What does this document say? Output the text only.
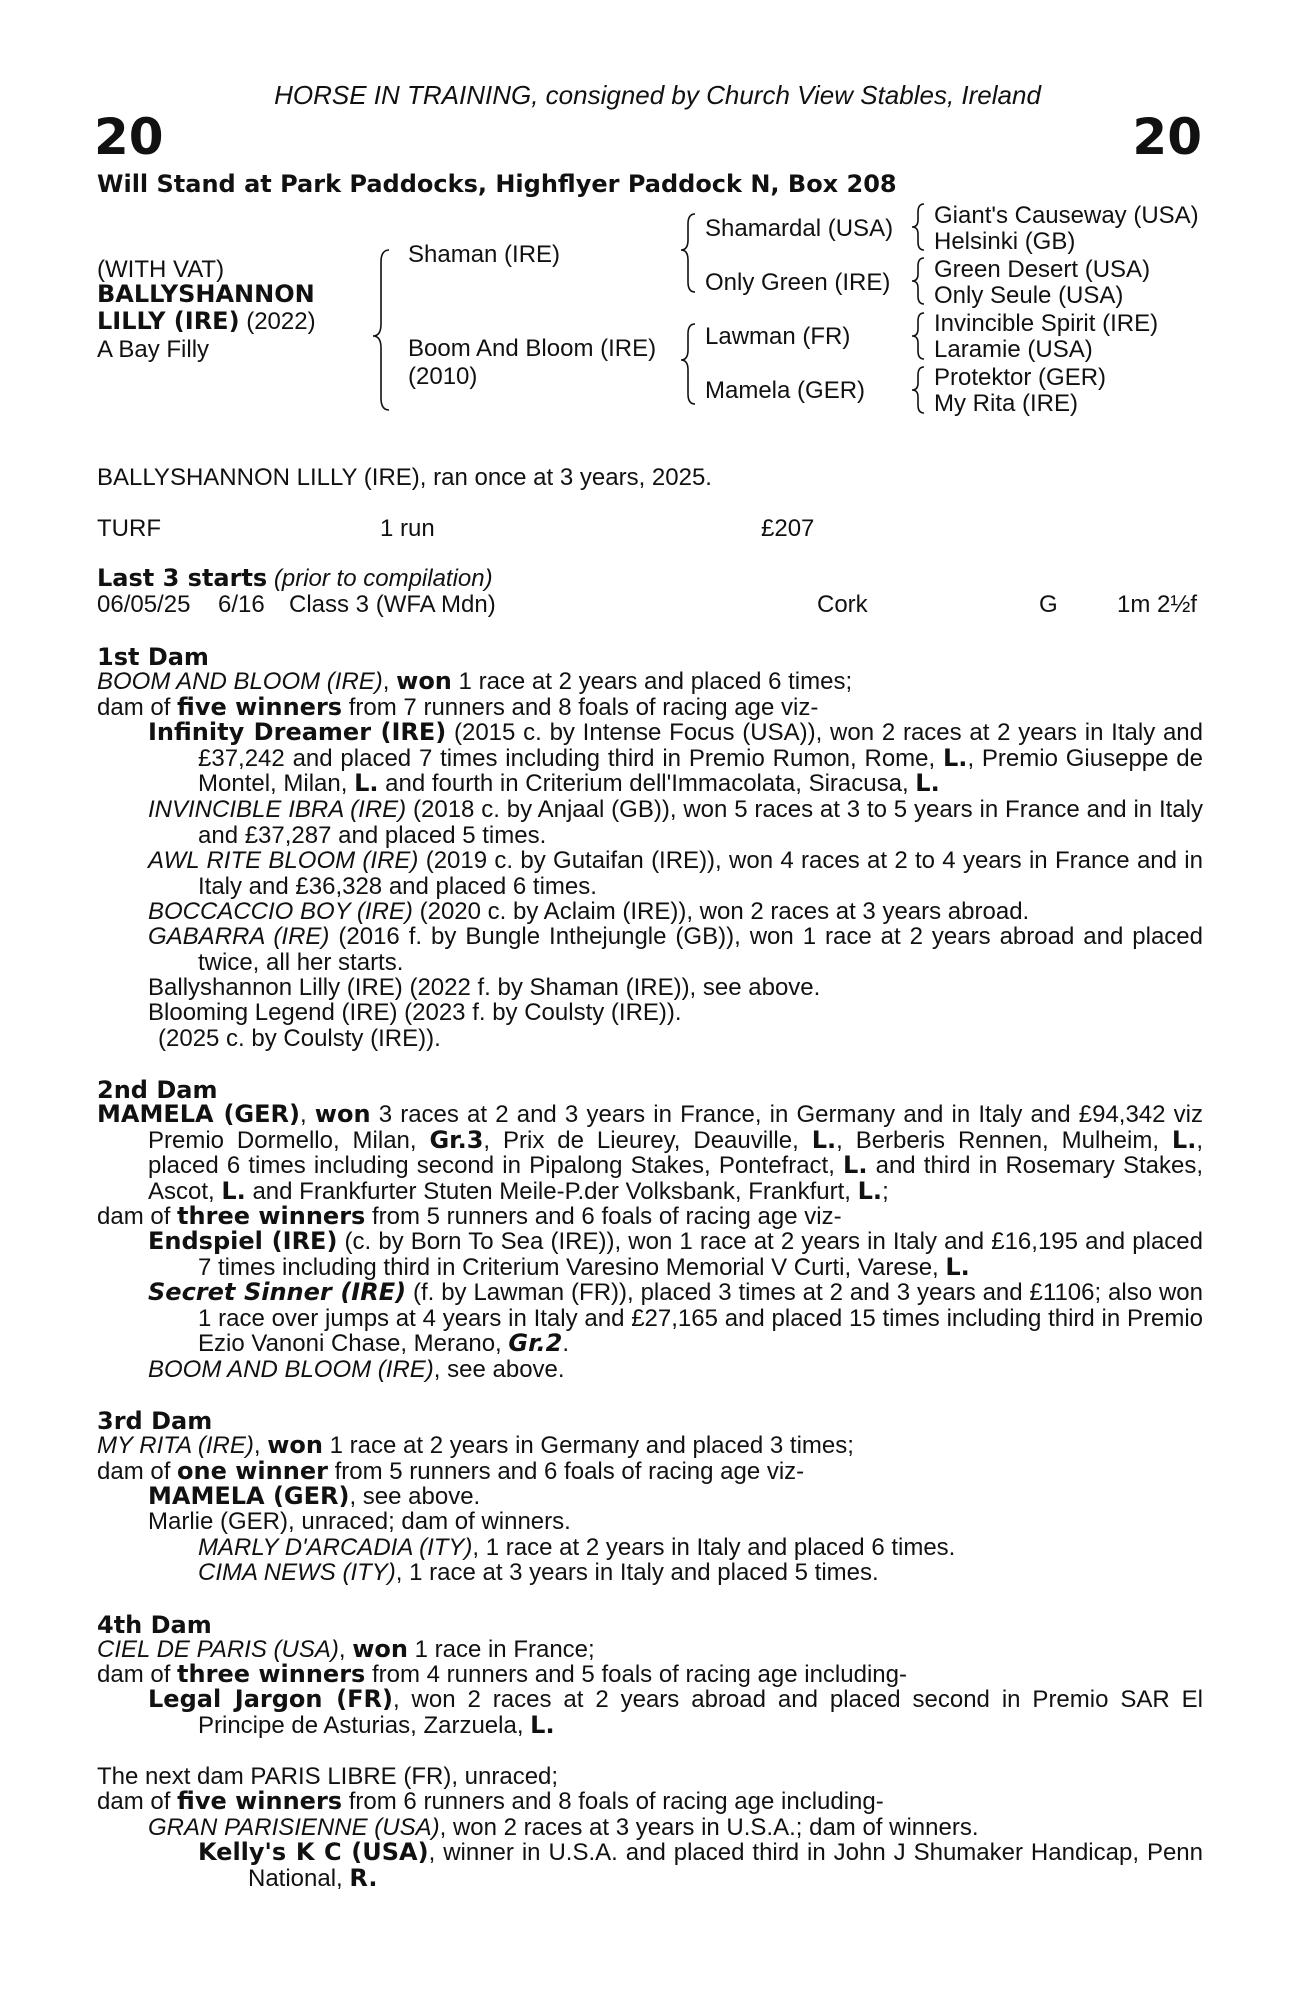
HORSE IN TRAINING, consigned by Church View Stables, Ireland
20	20
Will Stand at Park Paddocks, Highflyer Paddock N, Box 208
(WITH VAT)
BALLYSHANNON
LILLY (IRE) (2022)
A Bay Filly
Shaman (IRE)
Boom And Bloom (IRE)
(2010)
Shamardal (USA)
Only Green (IRE)
Lawman (FR)
Mamela (GER)
Giant's Causeway (USA)
Helsinki (GB)
Green Desert (USA)
Only Seule (USA)
Invincible Spirit (IRE)
Laramie (USA)
Protektor (GER)
My Rita (IRE)
BALLYSHANNON LILLY (IRE), ran once at 3 years, 2025.
TURF	1 run	£207
Last 3 starts (prior to compilation)
06/05/25 6/16 Class 3 (WFA Mdn)	Cork	G 1m 2½f
1st Dam
BOOM AND BLOOM (IRE), won 1 race at 2 years and placed 6 times;
dam of five winners from 7 runners and 8 foals of racing age viz-
Infinity Dreamer (IRE) (2015 c. by Intense Focus (USA)), won 2 races at 2 years in Italy and £37,242 and placed 7 times including third in Premio Rumon, Rome, L., Premio Giuseppe de Montel, Milan, L. and fourth in Criterium dell'Immacolata, Siracusa, L.
INVINCIBLE IBRA (IRE) (2018 c. by Anjaal (GB)), won 5 races at 3 to 5 years in France and in Italy and £37,287 and placed 5 times.
AWL RITE BLOOM (IRE) (2019 c. by Gutaifan (IRE)), won 4 races at 2 to 4 years in France and in Italy and £36,328 and placed 6 times.
BOCCACCIO BOY (IRE) (2020 c. by Aclaim (IRE)), won 2 races at 3 years abroad.
GABARRA (IRE) (2016 f. by Bungle Inthejungle (GB)), won 1 race at 2 years abroad and placed twice, all her starts.
Ballyshannon Lilly (IRE) (2022 f. by Shaman (IRE)), see above.
Blooming Legend (IRE) (2023 f. by Coulsty (IRE)).
(2025 c. by Coulsty (IRE)).
2nd Dam
MAMELA (GER), won 3 races at 2 and 3 years in France, in Germany and in Italy and £94,342 viz Premio Dormello, Milan, Gr.3, Prix de Lieurey, Deauville, L., Berberis Rennen, Mulheim, L., placed 6 times including second in Pipalong Stakes, Pontefract, L. and third in Rosemary Stakes, Ascot, L. and Frankfurter Stuten Meile-P.der Volksbank, Frankfurt, L.;
dam of three winners from 5 runners and 6 foals of racing age viz-
Endspiel (IRE) (c. by Born To Sea (IRE)), won 1 race at 2 years in Italy and £16,195 and placed 7 times including third in Criterium Varesino Memorial V Curti, Varese, L.
Secret Sinner (IRE) (f. by Lawman (FR)), placed 3 times at 2 and 3 years and £1106; also won 1 race over jumps at 4 years in Italy and £27,165 and placed 15 times including third in Premio Ezio Vanoni Chase, Merano, Gr.2.
BOOM AND BLOOM (IRE), see above.
3rd Dam
MY RITA (IRE), won 1 race at 2 years in Germany and placed 3 times;
dam of one winner from 5 runners and 6 foals of racing age viz-
MAMELA (GER), see above.
Marlie (GER), unraced; dam of winners.
MARLY D'ARCADIA (ITY), 1 race at 2 years in Italy and placed 6 times.
CIMA NEWS (ITY), 1 race at 3 years in Italy and placed 5 times.
4th Dam
CIEL DE PARIS (USA), won 1 race in France;
dam of three winners from 4 runners and 5 foals of racing age including-
Legal Jargon (FR), won 2 races at 2 years abroad and placed second in Premio SAR El Principe de Asturias, Zarzuela, L.
The next dam PARIS LIBRE (FR), unraced;
dam of five winners from 6 runners and 8 foals of racing age including-
GRAN PARISIENNE (USA), won 2 races at 3 years in U.S.A.; dam of winners.
Kelly's K C (USA), winner in U.S.A. and placed third in John J Shumaker Handicap, Penn National, R.
